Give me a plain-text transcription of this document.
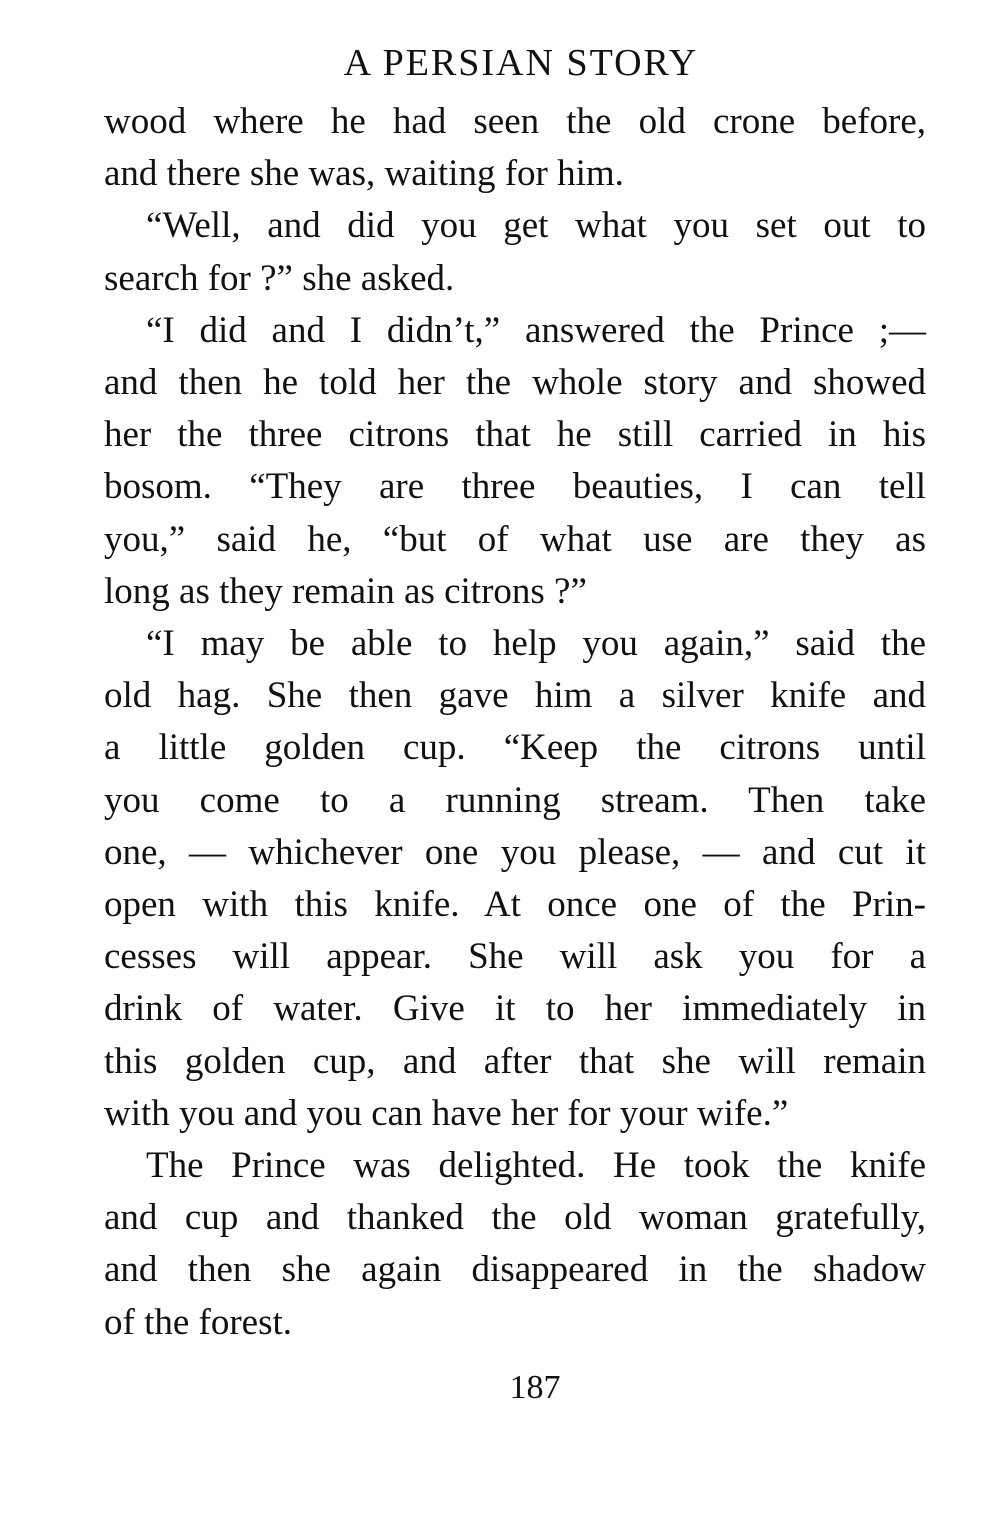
A PERSIAN STORY

wood where he had seen the old crone before,
and there she was, waiting for him.

“Well, and did you get what you set out to
search for ?” she asked.

“I did and I didn’t,” answered the Prince ;—
and then he told her the whole story and showed
her the three citrons that he still carried in his
bosom. “They are three beauties, I can tell
you,” said he, “but of what use are they as
long as they remain as citrons ?”

“I may be able to help you again,” said the
old hag. She then gave him a silver knife and
a little golden cup. “Keep the citrons until
you come to a running stream. Then take
one, — whichever one you please, — and cut it
open with this knife. At once one of the Prin-
cesses will appear. She will ask you for a
drink of water. Give it to her immediately in
this golden cup, and after that she will remain
with you and you can have her for your wife.”

The Prince was delighted. He took the knife
and cup and thanked the old woman gratefully,
and then she again disappeared in the shadow
of the forest.

187
